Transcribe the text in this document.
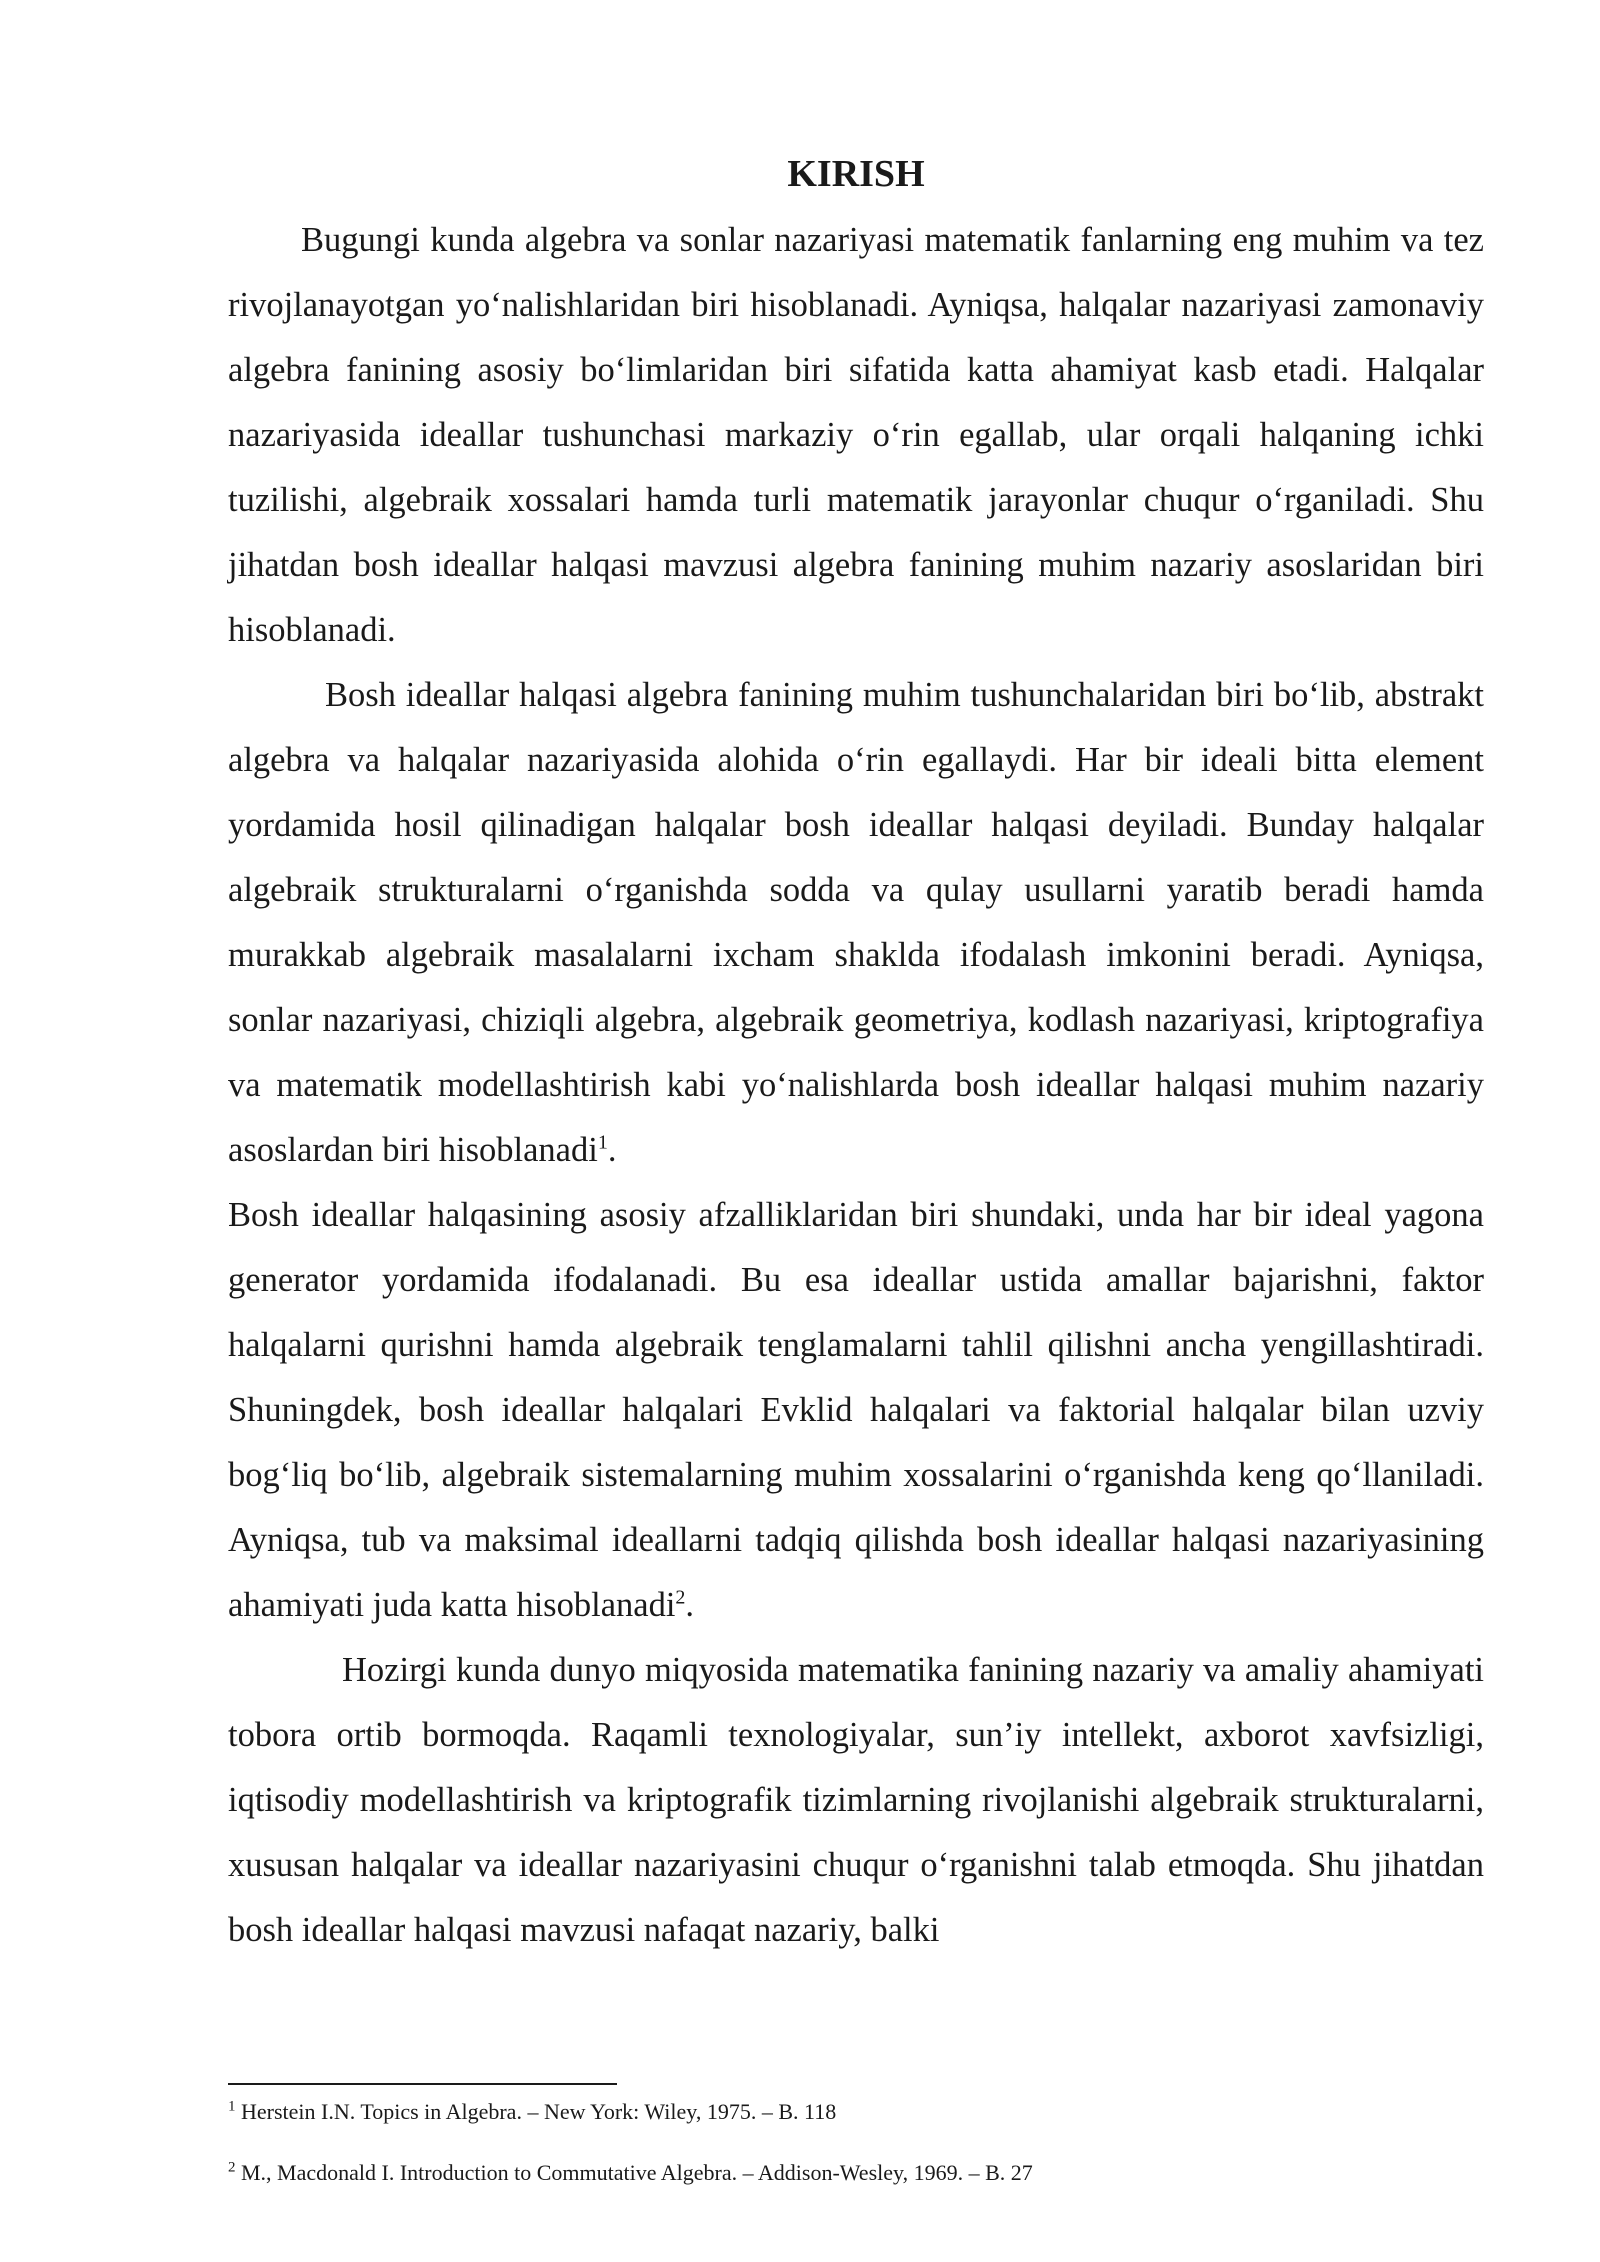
KIRISH

Bugungi kunda algebra va sonlar nazariyasi matematik fanlarning eng muhim va tez rivojlanayotgan yo‘nalishlaridan biri hisoblanadi. Ayniqsa, halqalar nazariyasi zamonaviy algebra fanining asosiy bo‘limlaridan biri sifatida katta ahamiyat kasb etadi. Halqalar nazariyasida ideallar tushunchasi markaziy o‘rin egallab, ular orqali halqaning ichki tuzilishi, algebraik xossalari hamda turli matematik jarayonlar chuqur o‘rganiladi. Shu jihatdan bosh ideallar halqasi mavzusi algebra fanining muhim nazariy asoslaridan biri hisoblanadi.

Bosh ideallar halqasi algebra fanining muhim tushunchalaridan biri bo‘lib, abstrakt algebra va halqalar nazariyasida alohida o‘rin egallaydi. Har bir ideali bitta element yordamida hosil qilinadigan halqalar bosh ideallar halqasi deyiladi. Bunday halqalar algebraik strukturalarni o‘rganishda sodda va qulay usullarni yaratib beradi hamda murakkab algebraik masalalarni ixcham shaklda ifodalash imkonini beradi. Ayniqsa, sonlar nazariyasi, chiziqli algebra, algebraik geometriya, kodlash nazariyasi, kriptografiya va matematik modellashtirish kabi yo‘nalishlarda bosh ideallar halqasi muhim nazariy asoslardan biri hisoblanadi$^1$.

Bosh ideallar halqasining asosiy afzalliklaridan biri shundaki, unda har bir ideal yagona generator yordamida ifodalanadi. Bu esa ideallar ustida amallar bajarishni, faktor halqalarni qurishni hamda algebraik tenglamalarni tahlil qilishni ancha yengillashtiradi. Shuningdek, bosh ideallar halqalari Evklid halqalari va faktorial halqalar bilan uzviy bog‘liq bo‘lib, algebraik sistemalarning muhim xossalarini o‘rganishda keng qo‘llaniladi. Ayniqsa, tub va maksimal ideallarni tadqiq qilishda bosh ideallar halqasi nazariyasining ahamiyati juda katta hisoblanadi$^2$.

Hozirgi kunda dunyo miqyosida matematika fanining nazariy va amaliy ahamiyati tobora ortib bormoqda. Raqamli texnologiyalar, sun’iy intellekt, axborot xavfsizligi, iqtisodiy modellashtirish va kriptografik tizimlarning rivojlanishi algebraik strukturalarni, xususan halqalar va ideallar nazariyasini chuqur o‘rganishni talab etmoqda. Shu jihatdan bosh ideallar halqasi mavzusi nafaqat nazariy, balki

$^1$ Herstein I.N. Topics in Algebra. – New York: Wiley, 1975. – B. 118
$^2$ M., Macdonald I. Introduction to Commutative Algebra. – Addison-Wesley, 1969. – B. 27
